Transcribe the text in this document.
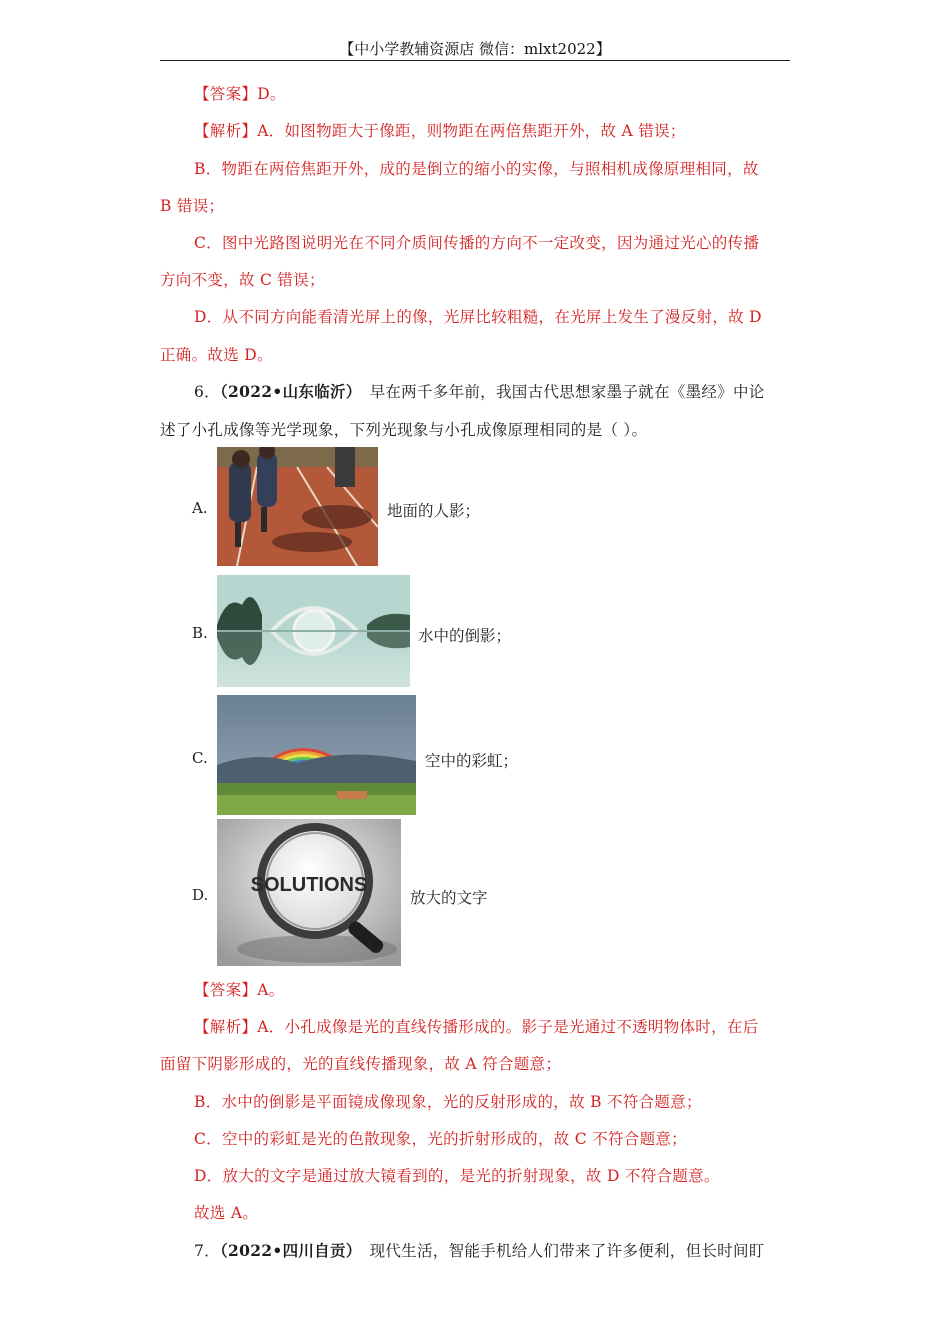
【中小学教辅资源店 微信：mlxt2022】
【答案】D。
【解析】A．如图物距大于像距，则物距在两倍焦距开外，故 A 错误；
B．物距在两倍焦距开外，成的是倒立的缩小的实像，与照相机成像原理相同，故
B 错误；
C．图中光路图说明光在不同介质间传播的方向不一定改变，因为通过光心的传播
方向不变，故 C 错误；
D．从不同方向能看清光屏上的像，光屏比较粗糙，在光屏上发生了漫反射，故 D
正确。故选 D。
6．（2022•山东临沂） 早在两千多年前，我国古代思想家墨子就在《墨经》中论
述了小孔成像等光学现象，下列光现象与小孔成像原理相同的是（ ）。
A.	地面的人影；
B.	水中的倒影；
C.	空中的彩虹；
D. SOLUTIONS
放大的文字
【答案】A。
【解析】A．小孔成像是光的直线传播形成的。影子是光通过不透明物体时，在后
面留下阴影形成的，光的直线传播现象，故 A 符合题意；
B．水中的倒影是平面镜成像现象，光的反射形成的，故 B 不符合题意；
C．空中的彩虹是光的色散现象，光的折射形成的，故 C 不符合题意；
D．放大的文字是通过放大镜看到的，是光的折射现象，故 D 不符合题意。
故选 A。
7．（2022•四川自贡） 现代生活，智能手机给人们带来了许多便利，但长时间盯
